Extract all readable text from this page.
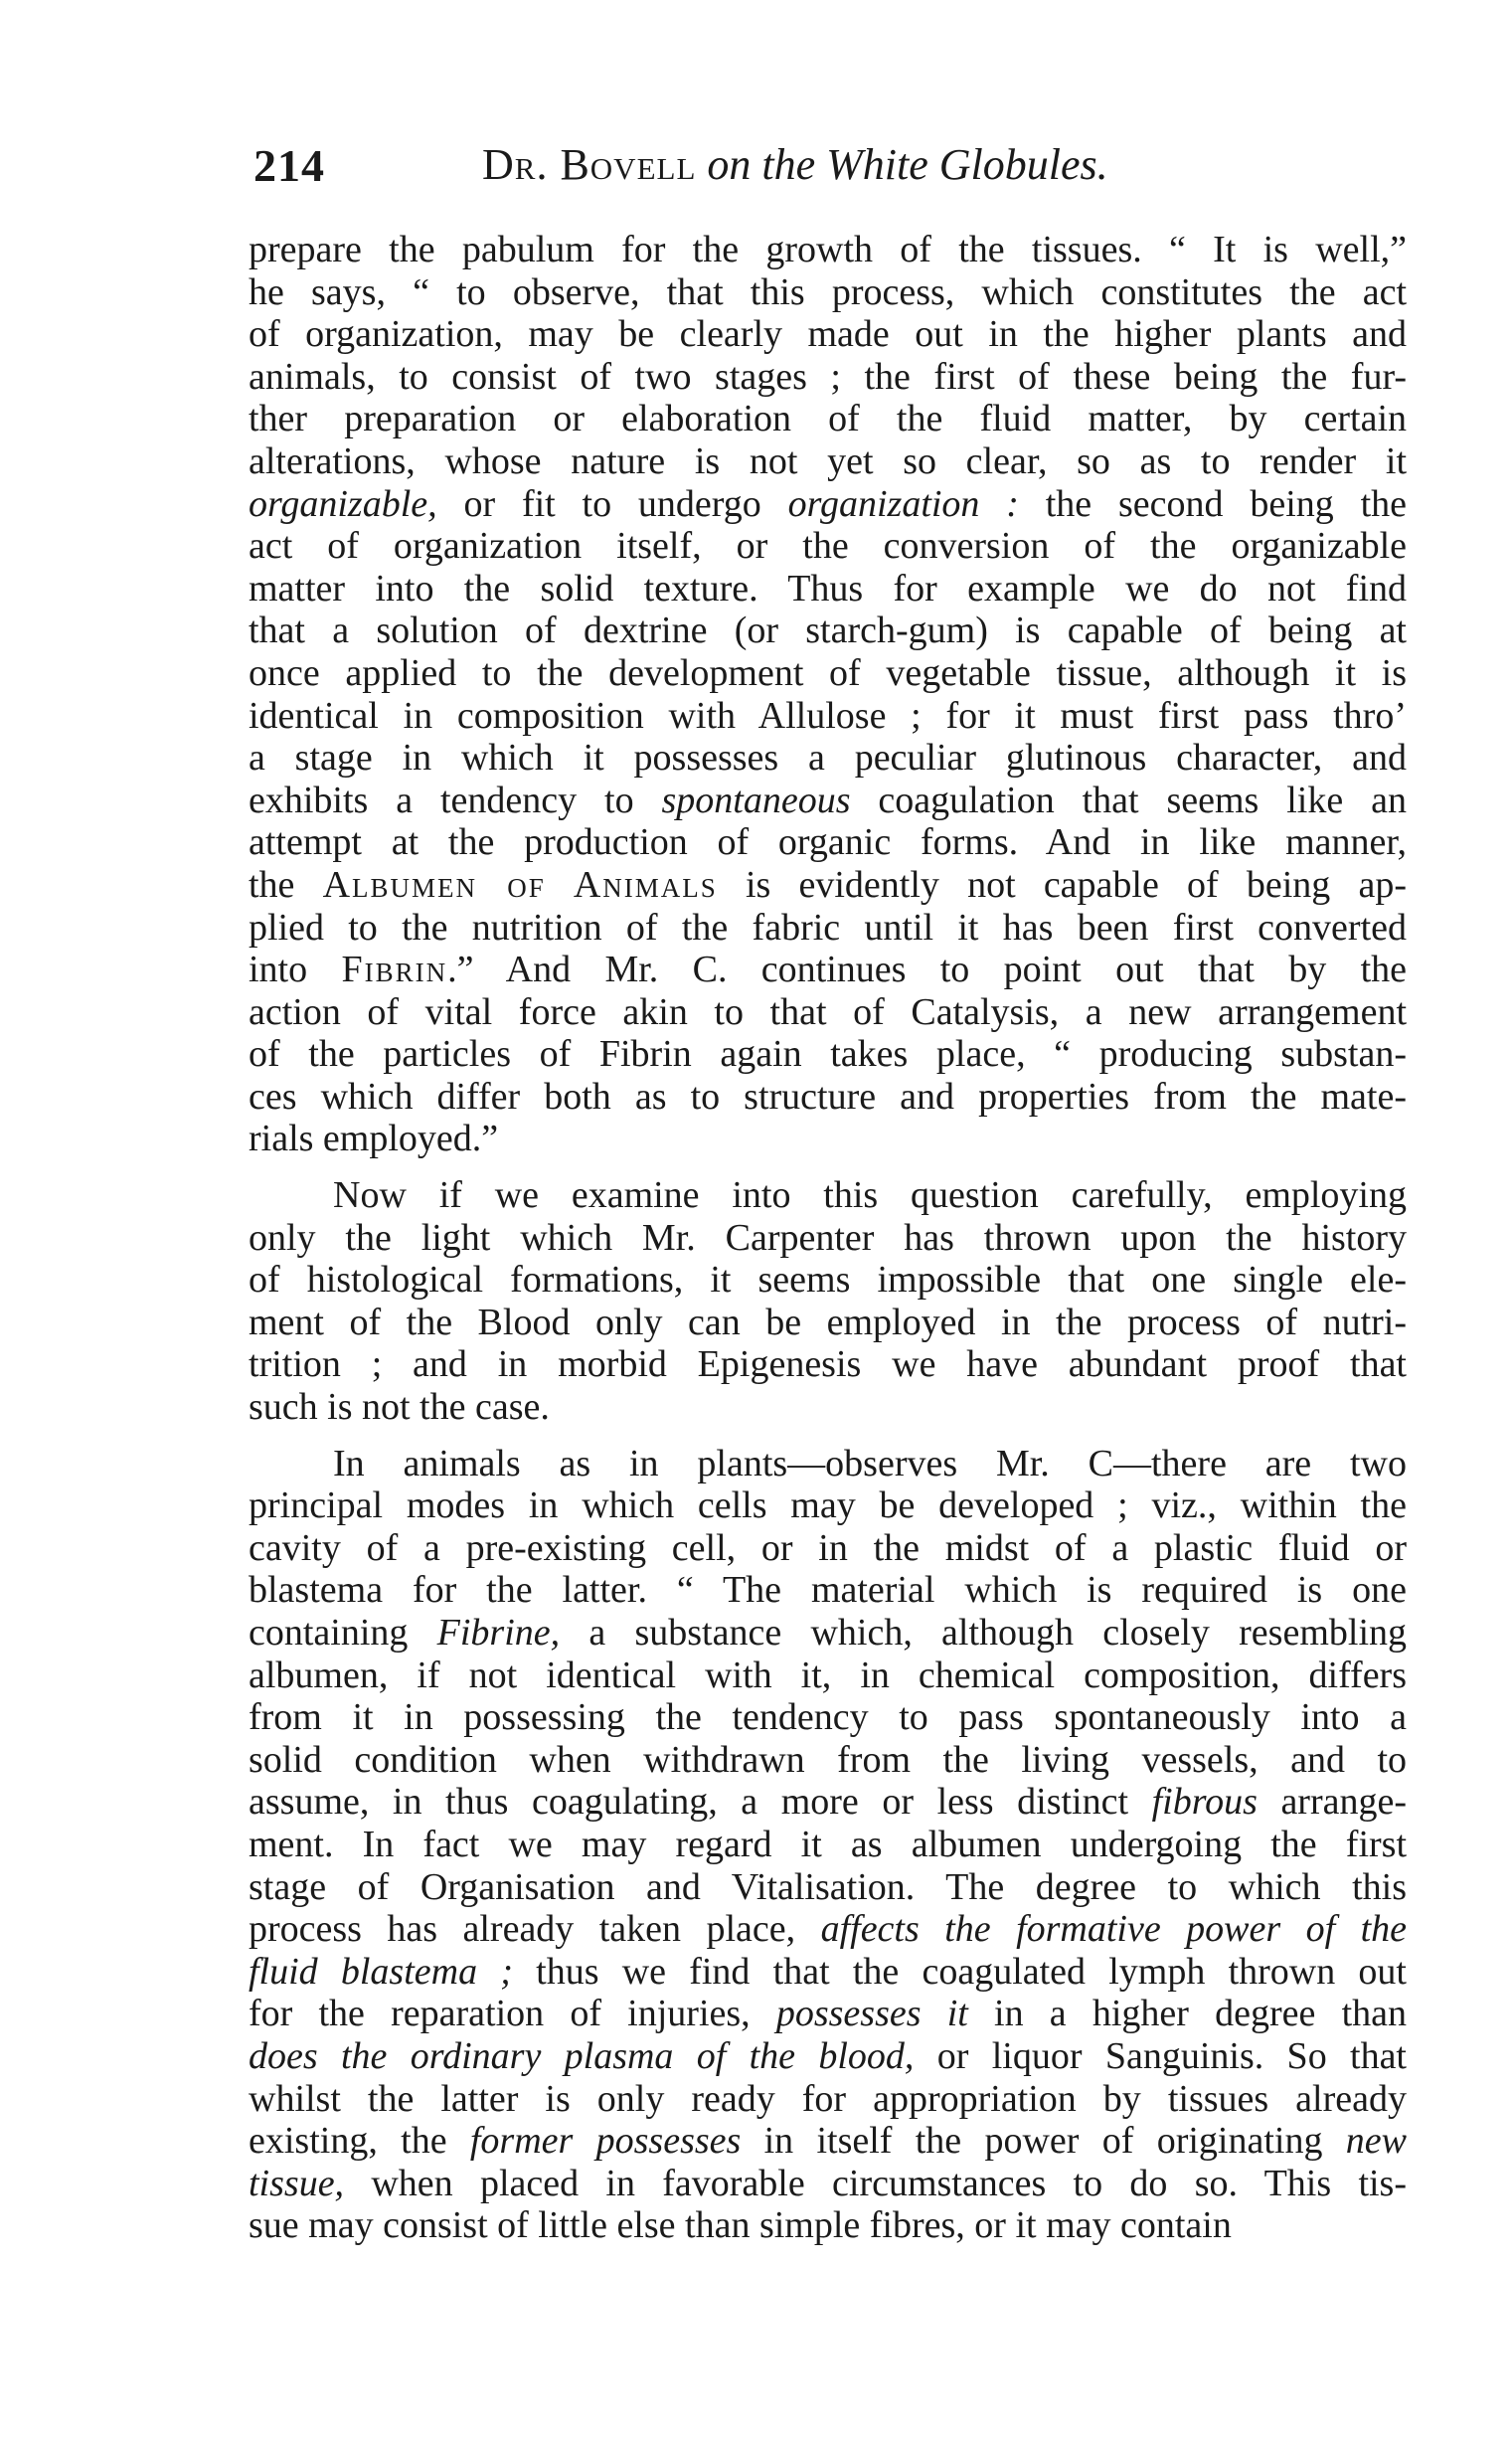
214	Dr. Bovell on the White Globules.
prepare the pabulum for the growth of the tissues. “ It is well,”
he says, “ to observe, that this process, which constitutes the act
of organization, may be clearly made out in the higher plants and
animals, to consist of two stages ; the first of these being the fur-
ther preparation or elaboration of the fluid matter, by certain
alterations, whose nature is not yet so clear, so as to render it
organizable, or fit to undergo organization : the second being the
act of organization itself, or the conversion of the organizable
matter into the solid texture. Thus for example we do not find
that a solution of dextrine (or starch-gum) is capable of being at
once applied to the development of vegetable tissue, although it is
identical in composition with Allulose ; for it must first pass thro’
a stage in which it possesses a peculiar glutinous character, and
exhibits a tendency to spontaneous coagulation that seems like an
attempt at the production of organic forms. And in like manner,
the Albumen of Animals is evidently not capable of being ap-
plied to the nutrition of the fabric until it has been first converted
into Fibrin.” And Mr. C. continues to point out that by the
action of vital force akin to that of Catalysis, a new arrangement
of the particles of Fibrin again takes place, “ producing substan-
ces which differ both as to structure and properties from the mate-
rials employed.”
Now if we examine into this question carefully, employing
only the light which Mr. Carpenter has thrown upon the history
of histological formations, it seems impossible that one single ele-
ment of the Blood only can be employed in the process of nutri-
trition ; and in morbid Epigenesis we have abundant proof that
such is not the case.
In animals as in plants—observes Mr. C—there are two
principal modes in which cells may be developed ; viz., within the
cavity of a pre-existing cell, or in the midst of a plastic fluid or
blastema for the latter. “ The material which is required is one
containing Fibrine, a substance which, although closely resembling
albumen, if not identical with it, in chemical composition, differs
from it in possessing the tendency to pass spontaneously into a
solid condition when withdrawn from the living vessels, and to
assume, in thus coagulating, a more or less distinct fibrous arrange-
ment. In fact we may regard it as albumen undergoing the first
stage of Organisation and Vitalisation. The degree to which this
process has already taken place, affects the formative power of the
fluid blastema ; thus we find that the coagulated lymph thrown out
for the reparation of injuries, possesses it in a higher degree than
does the ordinary plasma of the blood, or liquor Sanguinis. So that
whilst the latter is only ready for appropriation by tissues already
existing, the former possesses in itself the power of originating new
tissue, when placed in favorable circumstances to do so. This tis-
sue may consist of little else than simple fibres, or it may contain
